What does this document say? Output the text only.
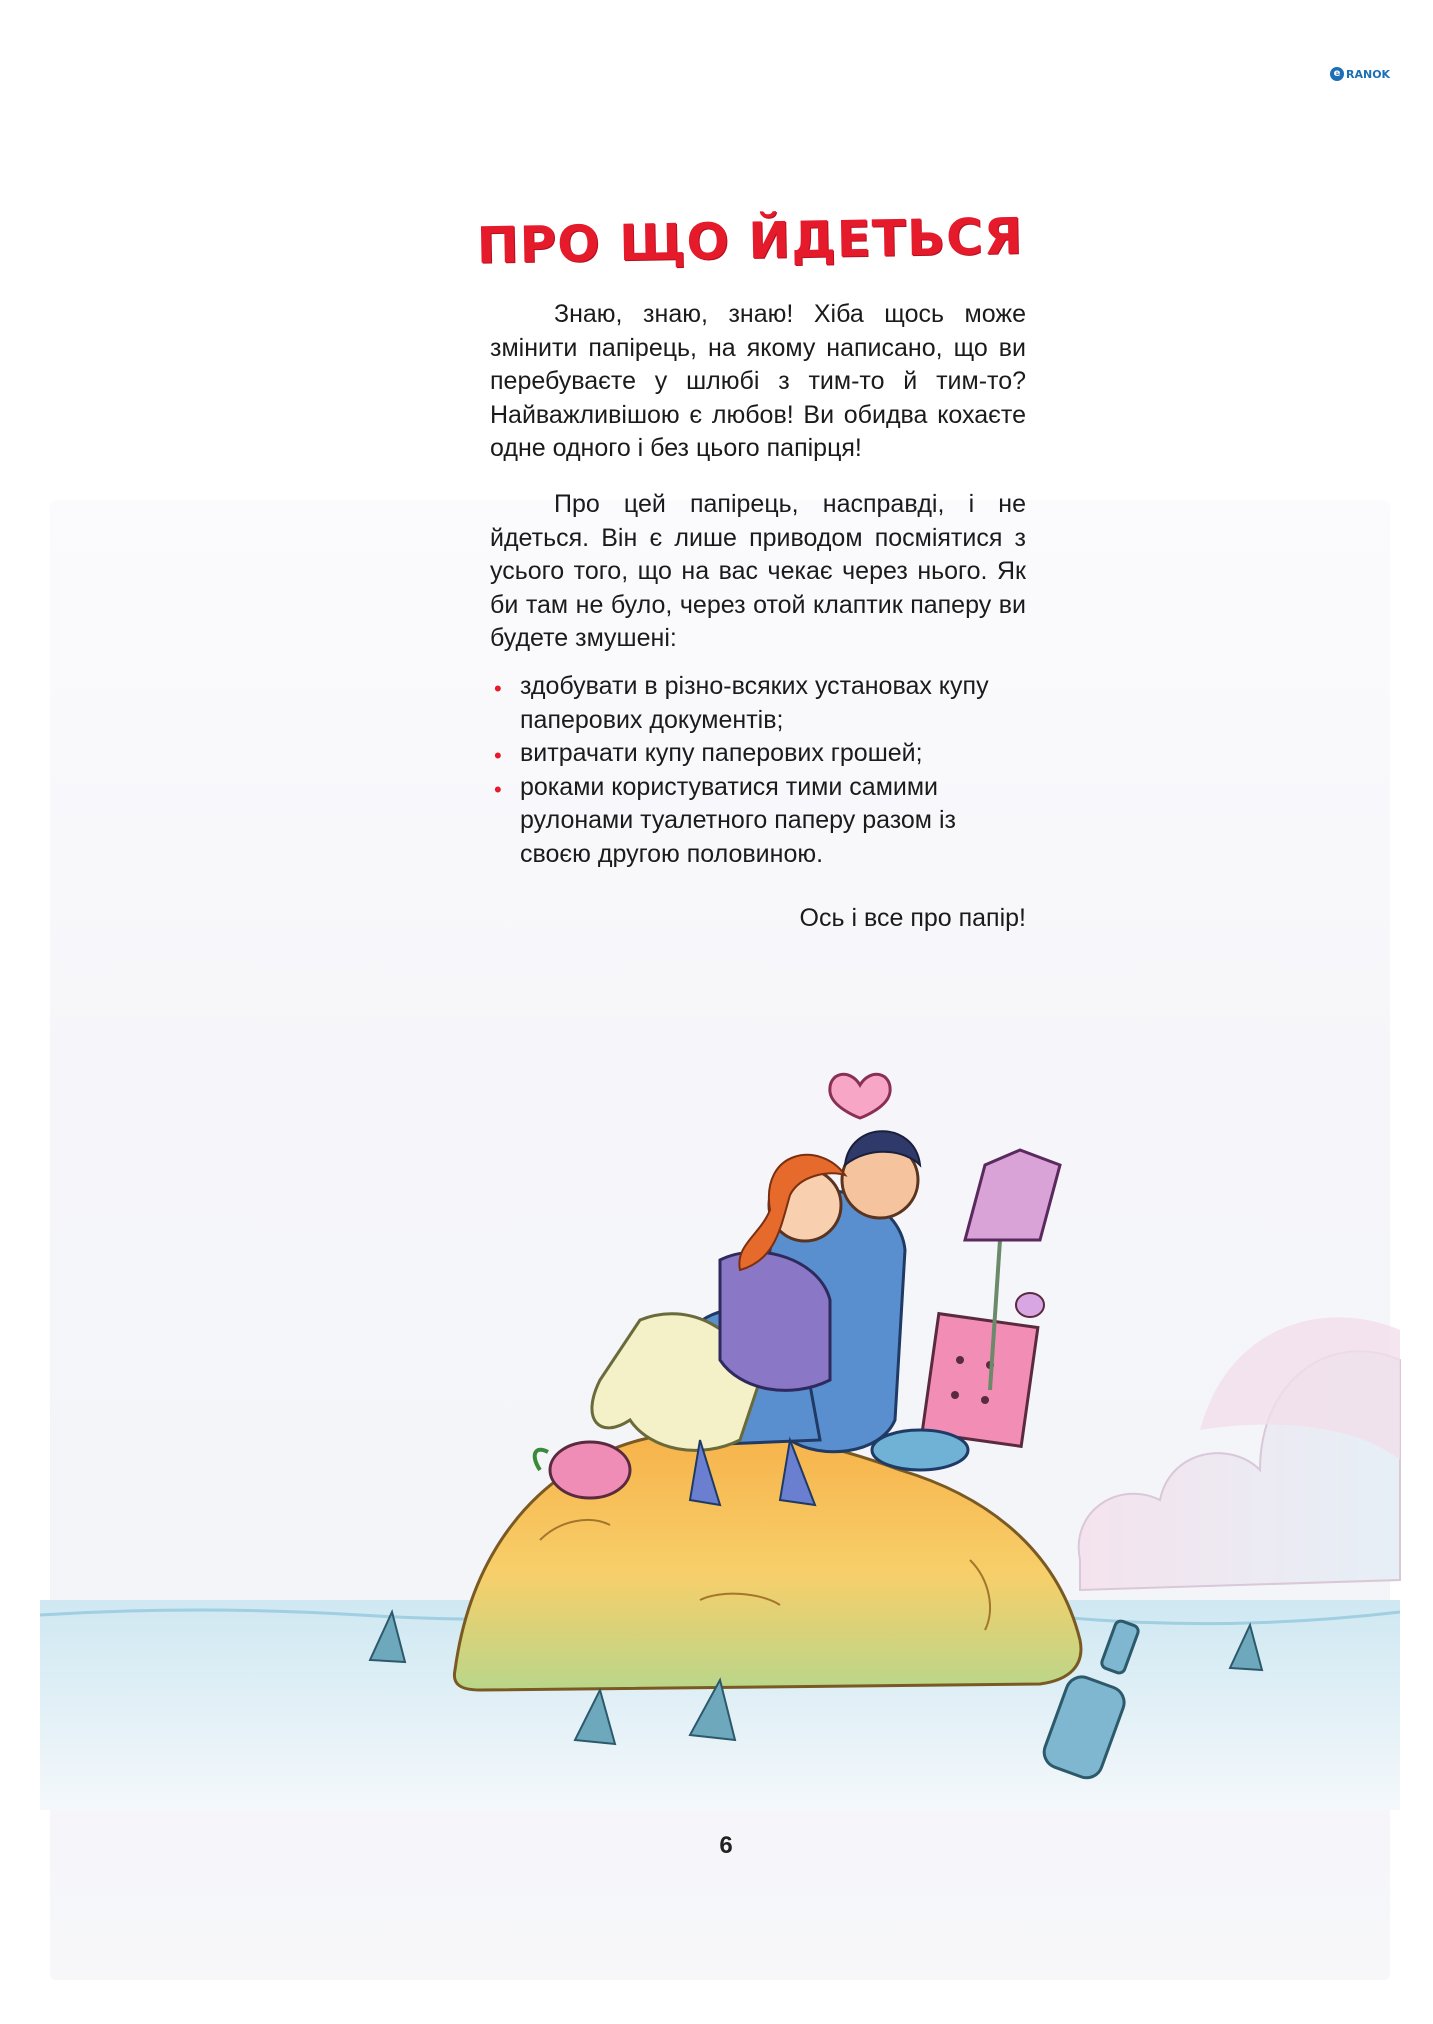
e RANOK
ПРО ЩО ЙДЕТЬСЯ

Знаю, знаю, знаю! Хіба щось може змінити папірець, на якому написано, що ви перебуваєте у шлюбі з тим-то й тим-то? Найважливішою є любов! Ви обидва кохаєте одне одного і без цього папірця!

Про цей папірець, насправді, і не йдеться. Він є лише приводом посміятися з усього того, що на вас чекає через нього. Як би там не було, через отой клаптик паперу ви будете змушені:

• здобувати в різно-всяких установах купу паперових документів;
• витрачати купу паперових грошей;
• роками користуватися тими самими рулонами туалетного паперу разом із своєю другою половиною.

Ось і все про папір!

6
